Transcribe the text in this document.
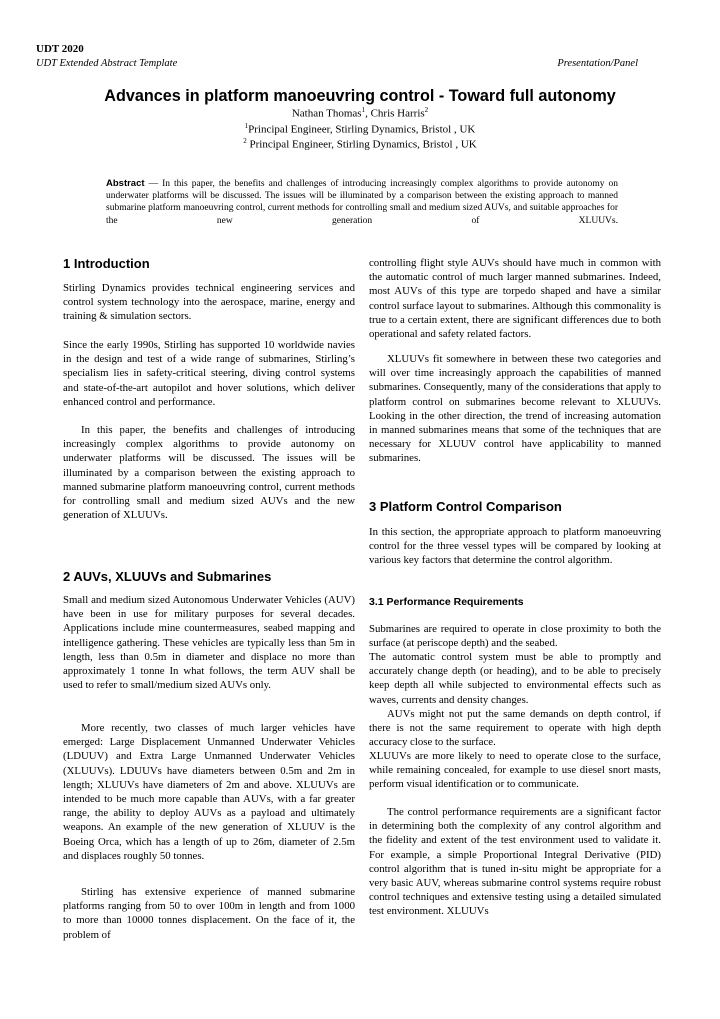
UDT 2020
UDT Extended Abstract Template	Presentation/Panel
Advances in platform manoeuvring control - Toward full autonomy
Nathan Thomas$^1$, Chris Harris$^2$
$^1$Principal Engineer, Stirling Dynamics, Bristol , UK
$^2$ Principal Engineer, Stirling Dynamics, Bristol , UK
Abstract — In this paper, the benefits and challenges of introducing increasingly complex algorithms to provide autonomy on underwater platforms will be discussed. The issues will be illuminated by a comparison between the existing approach to manned submarine platform manoeuvring control, current methods for controlling small and medium sized AUVs, and suitable approaches for the new generation of XLUUVs.
1 Introduction
Stirling Dynamics provides technical engineering services and control system technology into the aerospace, marine, energy and training & simulation sectors.
Since the early 1990s, Stirling has supported 10 worldwide navies in the design and test of a wide range of submarines, Stirling’s specialism lies in safety-critical steering, diving control systems and state-of-the-art autopilot and hover solutions, which deliver enhanced control and performance.
In this paper, the benefits and challenges of introducing increasingly complex algorithms to provide autonomy on underwater platforms will be discussed. The issues will be illuminated by a comparison between the existing approach to manned submarine platform manoeuvring control, current methods for controlling small and medium sized AUVs and the new generation of XLUUVs.
2 AUVs, XLUUVs and Submarines
Small and medium sized Autonomous Underwater Vehicles (AUV) have been in use for military purposes for several decades. Applications include mine countermeasures, seabed mapping and intelligence gathering. These vehicles are typically less than 5m in length, less than 0.5m in diameter and displace no more than approximately 1 tonne In what follows, the term AUV shall be used to refer to small/medium sized AUVs only.
More recently, two classes of much larger vehicles have emerged: Large Displacement Unmanned Underwater Vehicles (LDUUV) and Extra Large Unmanned Underwater Vehicles (XLUUVs). LDUUVs have diameters between 0.5m and 2m in length; XLUUVs have diameters of 2m and above. XLUUVs are intended to be much more capable than AUVs, with a far greater range, the ability to deploy AUVs as a payload and ultimately weapons. An example of the new generation of XLUUV is the Boeing Orca, which has a length of up to 26m, diameter of 2.5m and displaces roughly 50 tonnes.
Stirling has extensive experience of manned submarine platforms ranging from 50 to over 100m in length and from 1000 to more than 10000 tonnes displacement. On the face of it, the problem of
controlling flight style AUVs should have much in common with the automatic control of much larger manned submarines. Indeed, most AUVs of this type are torpedo shaped and have a similar control surface layout to submarines. Although this commonality is true to a certain extent, there are significant differences due to both operational and safety related factors.
XLUUVs fit somewhere in between these two categories and will over time increasingly approach the capabilities of manned submarines. Consequently, many of the considerations that apply to platform control on submarines become relevant to XLUUVs. Looking in the other direction, the trend of increasing automation in manned submarines means that some of the techniques that are necessary for XLUUV control have applicability to manned submarines.
3 Platform Control Comparison
In this section, the appropriate approach to platform manoeuvring control for the three vessel types will be compared by looking at various key factors that determine the control algorithm.
3.1 Performance Requirements
Submarines are required to operate in close proximity to both the surface (at periscope depth) and the seabed.
The automatic control system must be able to promptly and accurately change depth (or heading), and to be able to precisely keep depth all while subjected to environmental effects such as waves, currents and density changes.
AUVs might not put the same demands on depth control, if there is not the same requirement to operate with high depth accuracy close to the surface.
XLUUVs are more likely to need to operate close to the surface, while remaining concealed, for example to use diesel snort masts, perform visual identification or to communicate.
The control performance requirements are a significant factor in determining both the complexity of any control algorithm and the fidelity and extent of the test environment used to validate it. For example, a simple Proportional Integral Derivative (PID) control algorithm that is tuned in-situ might be appropriate for a very basic AUV, whereas submarine control systems require robust control techniques and extensive testing using a detailed simulated test environment. XLUUVs
